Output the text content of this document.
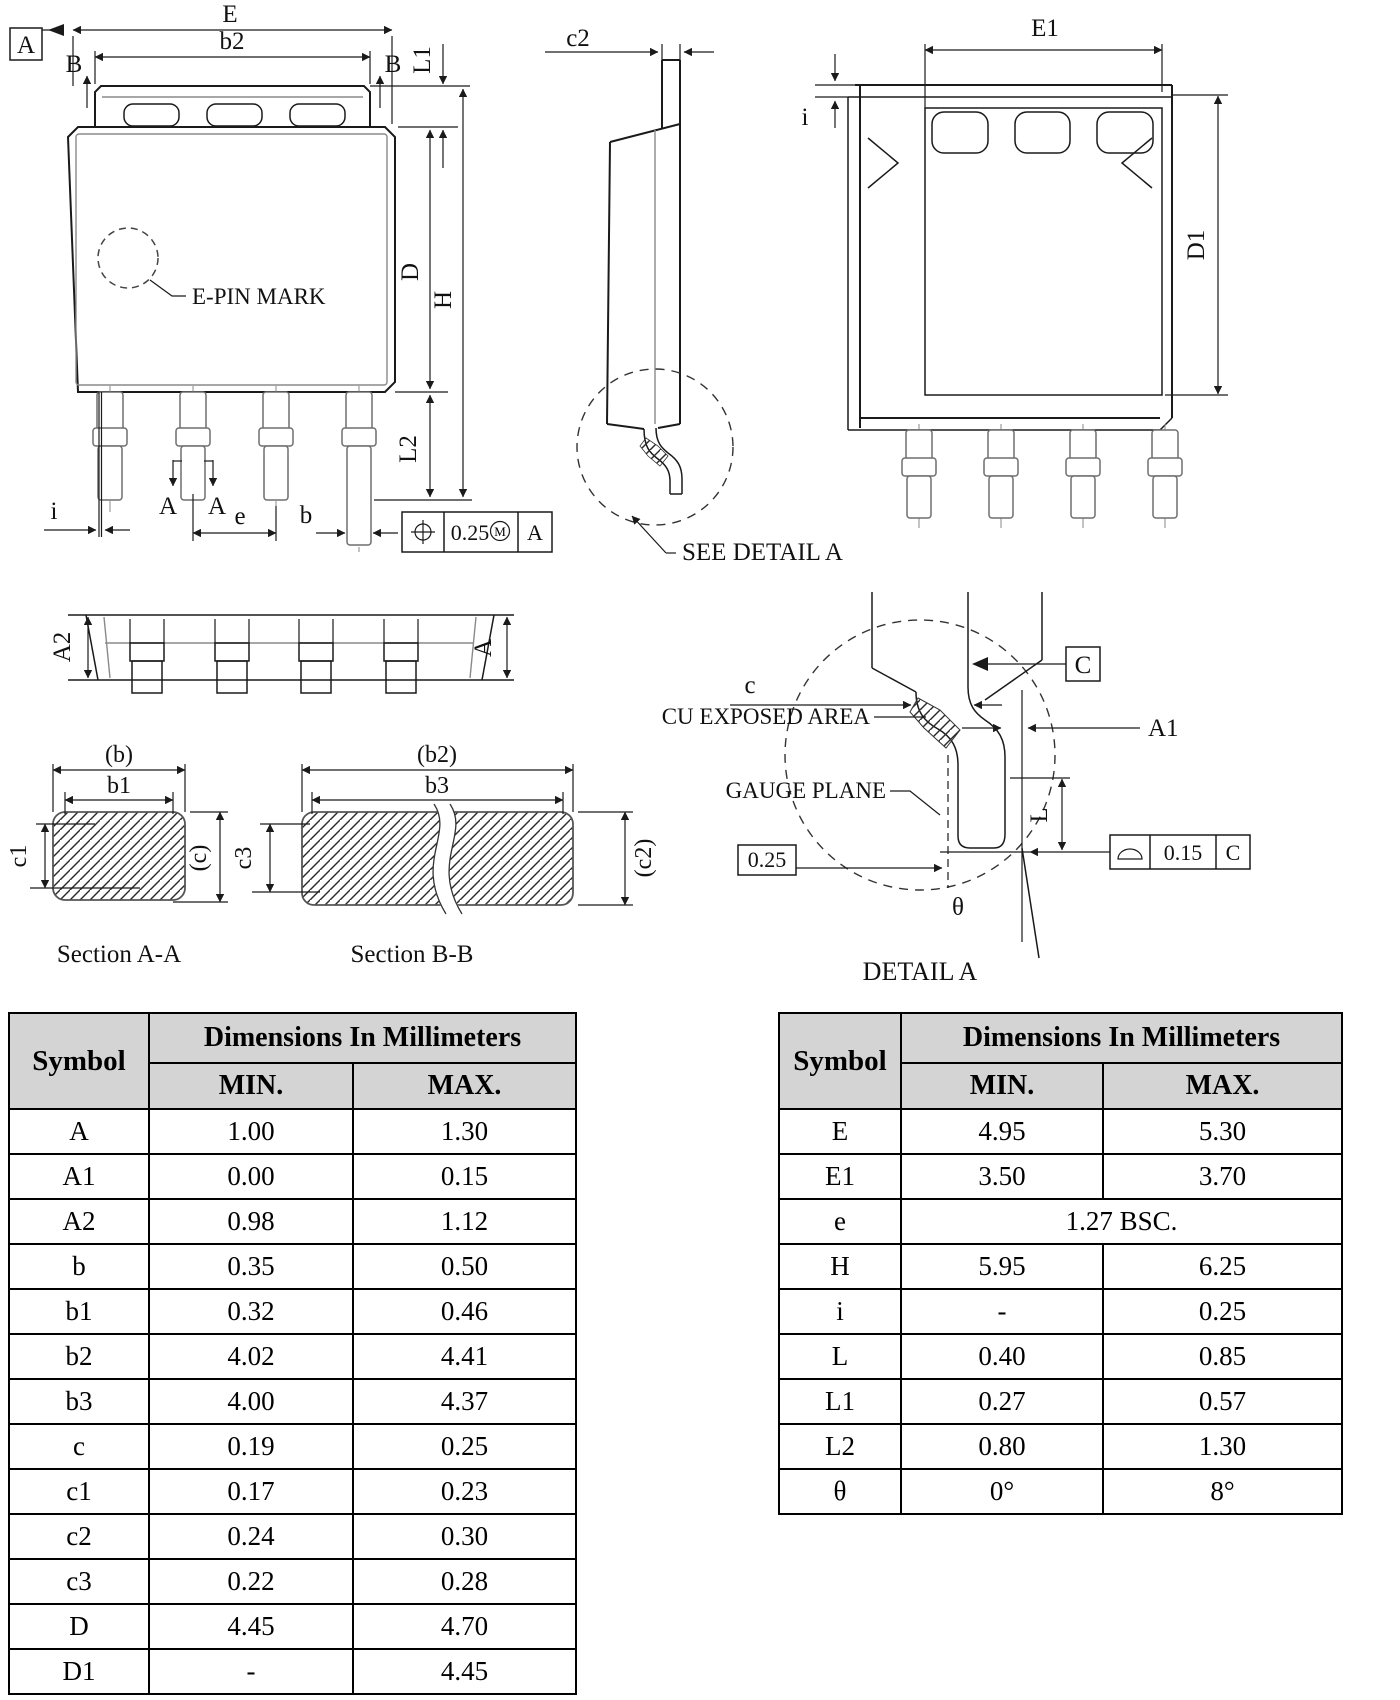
A
E
b2
B	B
E-PIN MARK
i	A A e b
0.25 M A
L1
D
L2
H
c2
SEE DETAIL A
E1
i
D1
A2	A
(b)
b1
c1	(c)
Section A-A
(b2)
b3
c3	(c2)
Section B-B
C
c
A1
CU EXPOSED AREA
GAUGE PLANE
L
0.25	0.15 C
θ
DETAIL A
Symbol	Dimensions In Millimeters	
	MIN.	MAX.
A	1.00	1.30
A1	0.00	0.15
A2	0.98	1.12
b	0.35	0.50
b1	0.32	0.46
b2	4.02	4.41
b3	4.00	4.37
c	0.19	0.25
c1	0.17	0.23
c2	0.24	0.30
c3	0.22	0.28
D	4.45	4.70
D1	-	4.45
Symbol	Dimensions In Millimeters	
	MIN.	MAX.
E	4.95	5.30
E1	3.50	3.70
e	1.27 BSC.	
H	5.95	6.25
i	-	0.25
L	0.40	0.85
L1	0.27	0.57
L2	0.80	1.30
θ	0°	8°
